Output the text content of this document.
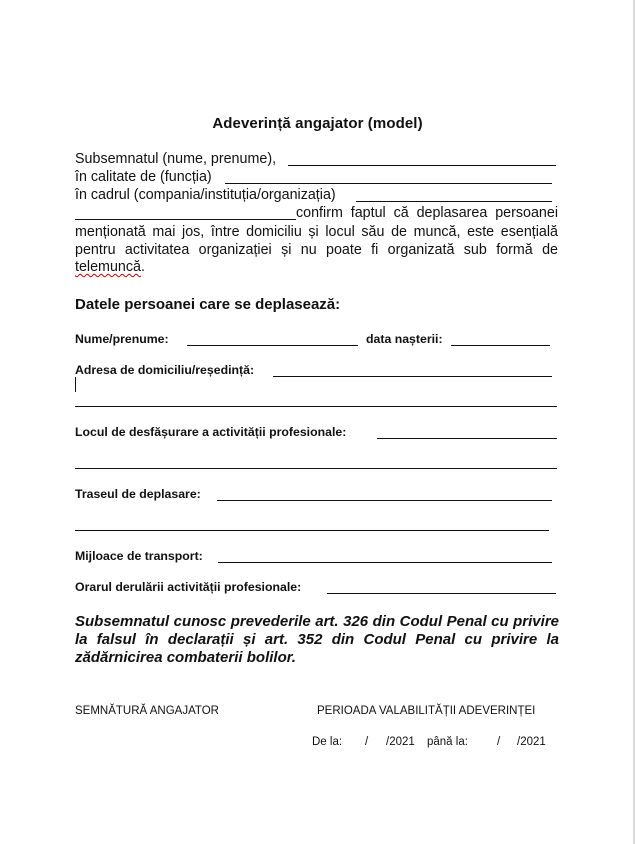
Adeverință angajator (model)
Subsemnatul (nume, prenume),
în calitate de (funcția)
în cadrul (compania/instituția/organizația)
confirm faptul că deplasarea persoanei
menționată mai jos, între domiciliu și locul său de muncă, este esențială
pentru activitatea organizației și nu poate fi organizată sub formă de
telemuncă.
Datele persoanei care se deplasează:
Nume/prenume:	data nașterii:
Adresa de domiciliu/reședință:
Locul de desfășurare a activității profesionale:
Traseul de deplasare:
Mijloace de transport:
Orarul derulării activității profesionale:
Subsemnatul cunosc prevederile art. 326 din Codul Penal cu privire la falsul în declarații și art. 352 din Codul Penal cu privire la zădărnicirea combaterii bolilor.
SEMNĂTURĂ ANGAJATOR	PERIOADA VALABILITĂȚII ADEVERINȚEI
De la: / /2021 până la:	/ /2021
